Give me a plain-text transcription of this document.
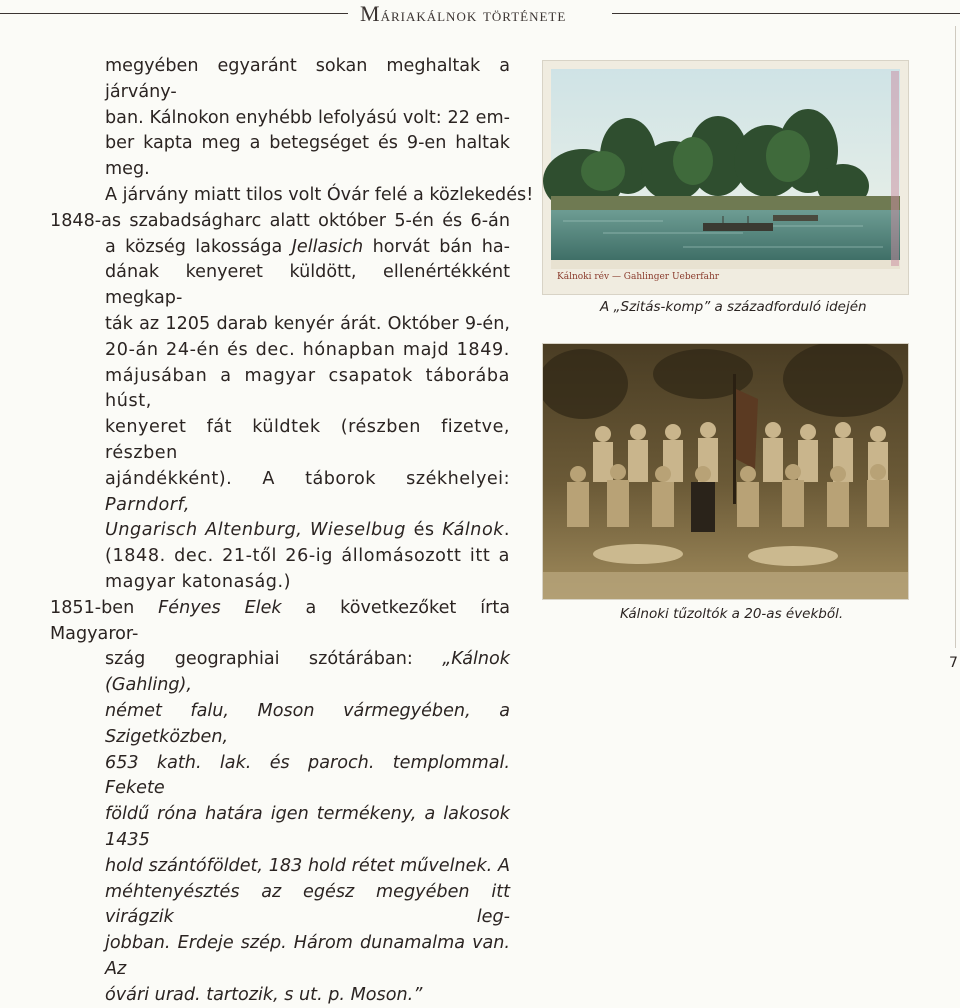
Máriakálnok története
megyében egyaránt sokan meghaltak a járvány-
ban. Kálnokon enyhébb lefolyású volt: 22 em-
ber kapta meg a betegséget és 9-en haltak meg.
A járvány miatt tilos volt Óvár felé a közlekedés!
1848-as szabadságharc alatt október 5-én és 6-án
a község lakossága Jellasich horvát bán ha-
dának kenyeret küldött, ellenértékként megkap-
ták az 1205 darab kenyér árát. Október 9-én,
20-án 24-én és dec. hónapban majd 1849.
májusában a magyar csapatok táborába húst,
kenyeret fát küldtek (részben fizetve, részben
ajándékként). A táborok székhelyei: Parndorf,
Ungarisch Altenburg, Wieselbug és Kálnok.
(1848. dec. 21-től 26-ig állomásozott itt a
magyar katonaság.)
1851-ben Fényes Elek a következőket írta Magyaror-
szág geographiai szótárában: „Kálnok (Gahling),
német falu, Moson vármegyében, a Szigetközben,
653 kath. lak. és paroch. templommal. Fekete
földű róna határa igen termékeny, a lakosok 1435
hold szántóföldet, 183 hold rétet művelnek. A
méhtenyésztés az egész megyében itt virágzik leg-
jobban. Erdeje szép. Három dunamalma van. Az
óvári urad. tartozik, s ut. p. Moson.”
Kálnoki rév — Gahlinger Ueberfahr
A „Szitás-komp” a századforduló idején
Kálnoki tűzoltók a 20-as évekből.
7
